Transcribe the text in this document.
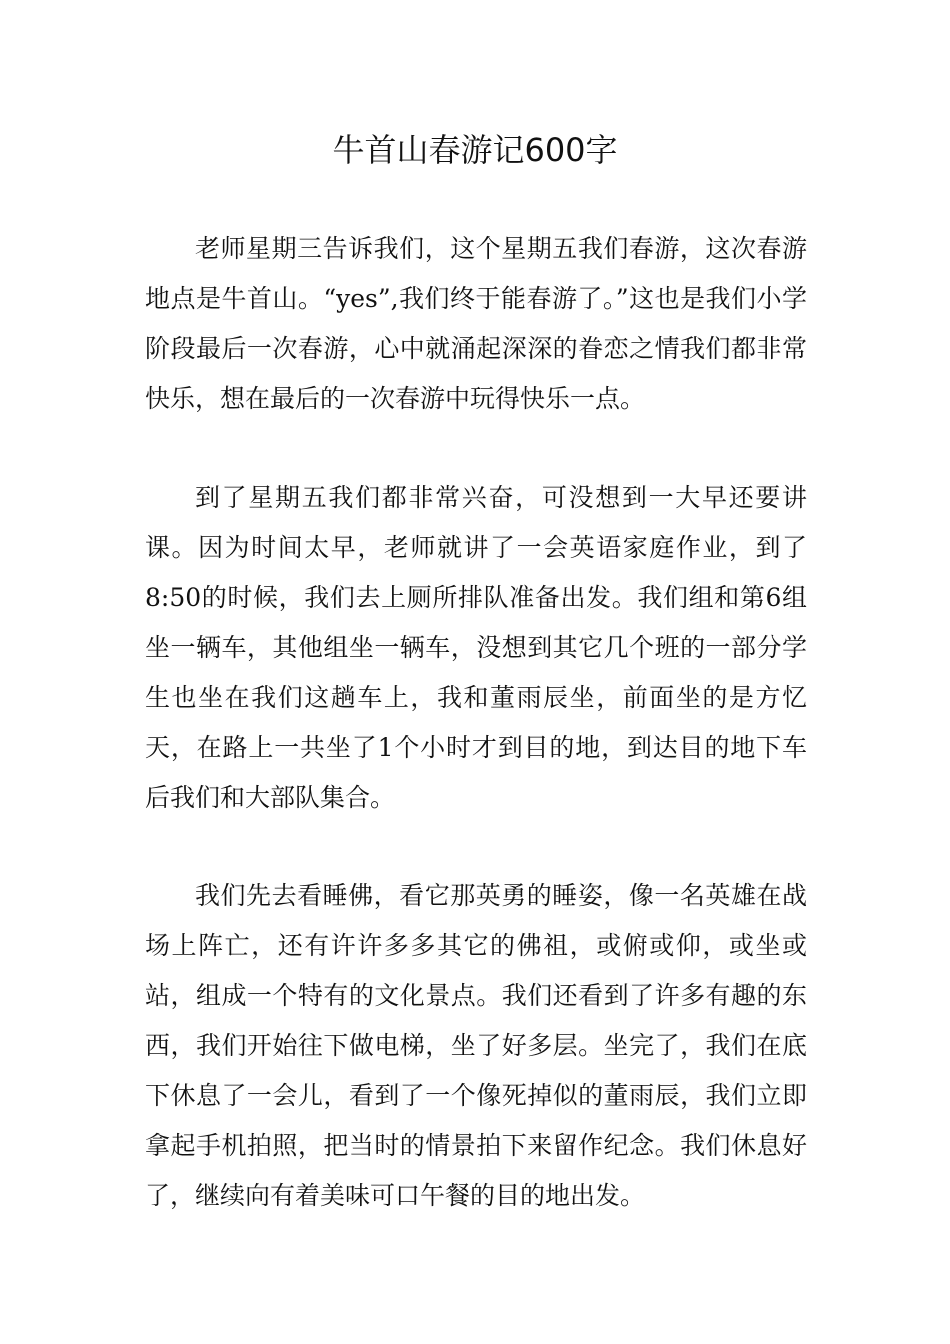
牛首山春游记600字

老师星期三告诉我们，这个星期五我们春游，这次春游地点是牛首山。“yes”,我们终于能春游了。”这也是我们小学阶段最后一次春游，心中就涌起深深的眷恋之情我们都非常快乐，想在最后的一次春游中玩得快乐一点。

到了星期五我们都非常兴奋，可没想到一大早还要讲课。因为时间太早，老师就讲了一会英语家庭作业，到了8:50的时候，我们去上厕所排队准备出发。我们组和第6组坐一辆车，其他组坐一辆车，没想到其它几个班的一部分学生也坐在我们这趟车上，我和董雨辰坐，前面坐的是方忆天，在路上一共坐了1个小时才到目的地，到达目的地下车后我们和大部队集合。

我们先去看睡佛，看它那英勇的睡姿，像一名英雄在战场上阵亡，还有许许多多其它的佛祖，或俯或仰，或坐或站，组成一个特有的文化景点。我们还看到了许多有趣的东西，我们开始往下做电梯，坐了好多层。坐完了，我们在底下休息了一会儿，看到了一个像死掉似的董雨辰，我们立即拿起手机拍照，把当时的情景拍下来留作纪念。我们休息好了，继续向有着美味可口午餐的目的地出发。
